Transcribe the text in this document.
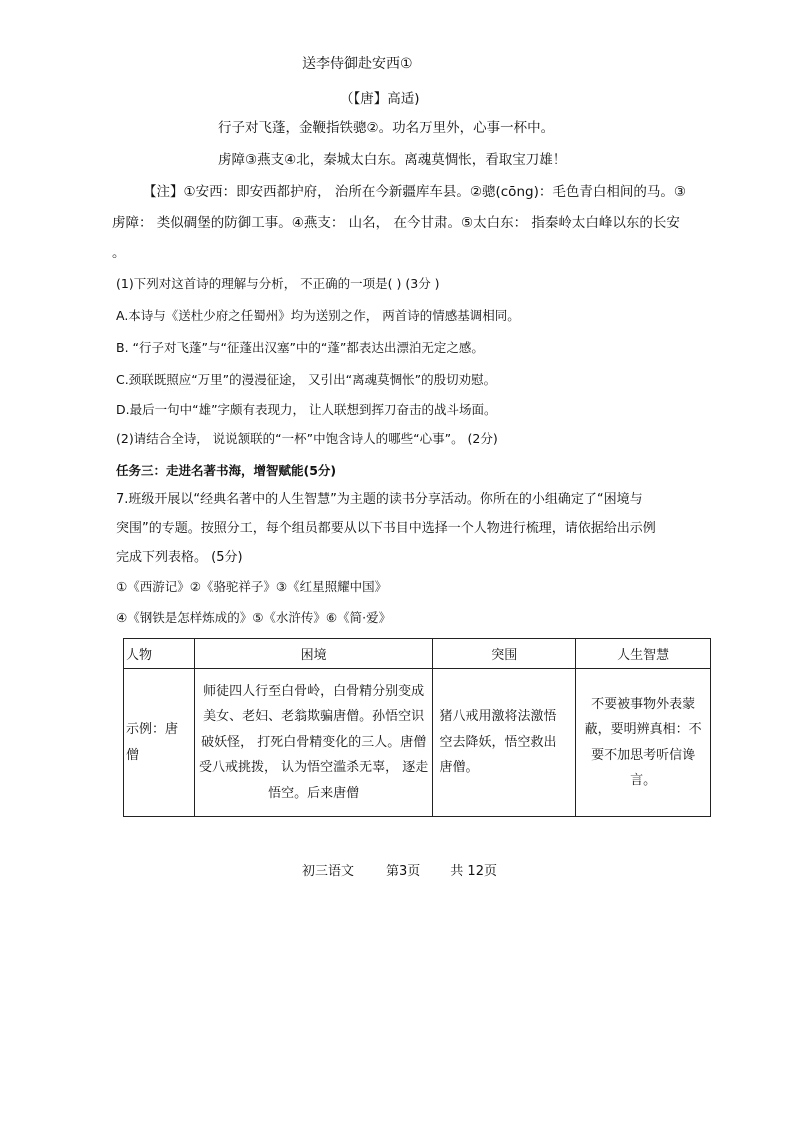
送李侍御赴安西①
（【唐】高适)
行子对飞蓬，金鞭指铁骢②。功名万里外，心事一杯中。
虏障③燕支④北，秦城太白东。离魂莫惆怅，看取宝刀雄！
【注】①安西：即安西都护府， 治所在今新疆库车县。②骢(cōng)：毛色青白相间的马。③
虏障： 类似碉堡的防御工事。④燕支： 山名， 在今甘肃。⑤太白东： 指秦岭太白峰以东的长安
。
(1)下列对这首诗的理解与分析， 不正确的一项是( ) (3分 )
A.本诗与《送杜少府之任蜀州》均为送别之作， 两首诗的情感基调相同。
B. “行子对飞蓬”与“征蓬出汉塞”中的“蓬”都表达出漂泊无定之感。
C.颈联既照应“万里”的漫漫征途， 又引出“离魂莫惆怅”的殷切劝慰。
D.最后一句中“雄”字颇有表现力， 让人联想到挥刀奋击的战斗场面。
(2)请结合全诗， 说说颔联的“一杯”中饱含诗人的哪些“心事”。 (2分)
任务三：走进名著书海，增智赋能(5分)
7.班级开展以“经典名著中的人生智慧”为主题的读书分享活动。你所在的小组确定了“困境与
突围”的专题。按照分工，每个组员都要从以下书目中选择一个人物进行梳理，请依据给出示例
完成下列表格。 (5分)
①《西游记》②《骆驼祥子》③《红星照耀中国》
④《钢铁是怎样炼成的》⑤《水浒传》⑥《简·爱》
人物	困境	突围	人生智慧
示例：唐僧	师徒四人行至白骨岭，白骨精分别变成美女、老妇、老翁欺骗唐僧。孙悟空识破妖怪， 打死白骨精变化的三人。唐僧受八戒挑拨， 认为悟空滥杀无辜， 逐走悟空。后来唐僧	猪八戒用激将法激悟空去降妖，悟空救出唐僧。	不要被事物外表蒙蔽，要明辨真相：不要不加思考听信谗言。
初三语文 第3页 共 12页
